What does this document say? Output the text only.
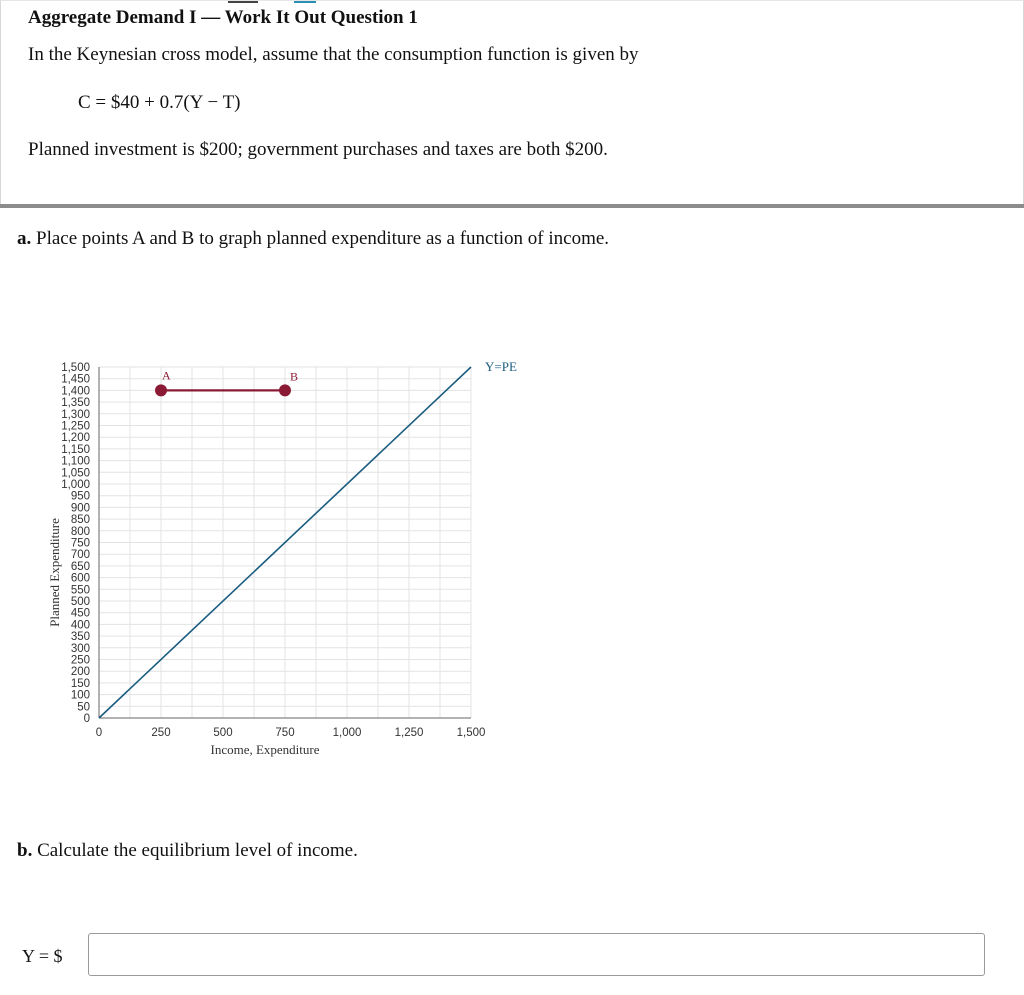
Aggregate Demand I — Work It Out Question 1
In the Keynesian cross model, assume that the consumption function is given by
C = $40 + 0.7(Y − T)
Planned investment is $200; government purchases and taxes are both $200.
a. Place points A and B to graph planned expenditure as a function of income.
0	250	500	750	1,000	1,250	1,500
0
50
100
150
200
250
300
350
400
450
500
550
600
650
700
750
800
850
900
950
1,000
1,050
1,100
1,150
1,200
1,250
1,300
1,350
1,400
1,450
1,500
A	B
Income, Expenditure
Planned Expenditure
Y=PE
b. Calculate the equilibrium level of income.
Y = $
